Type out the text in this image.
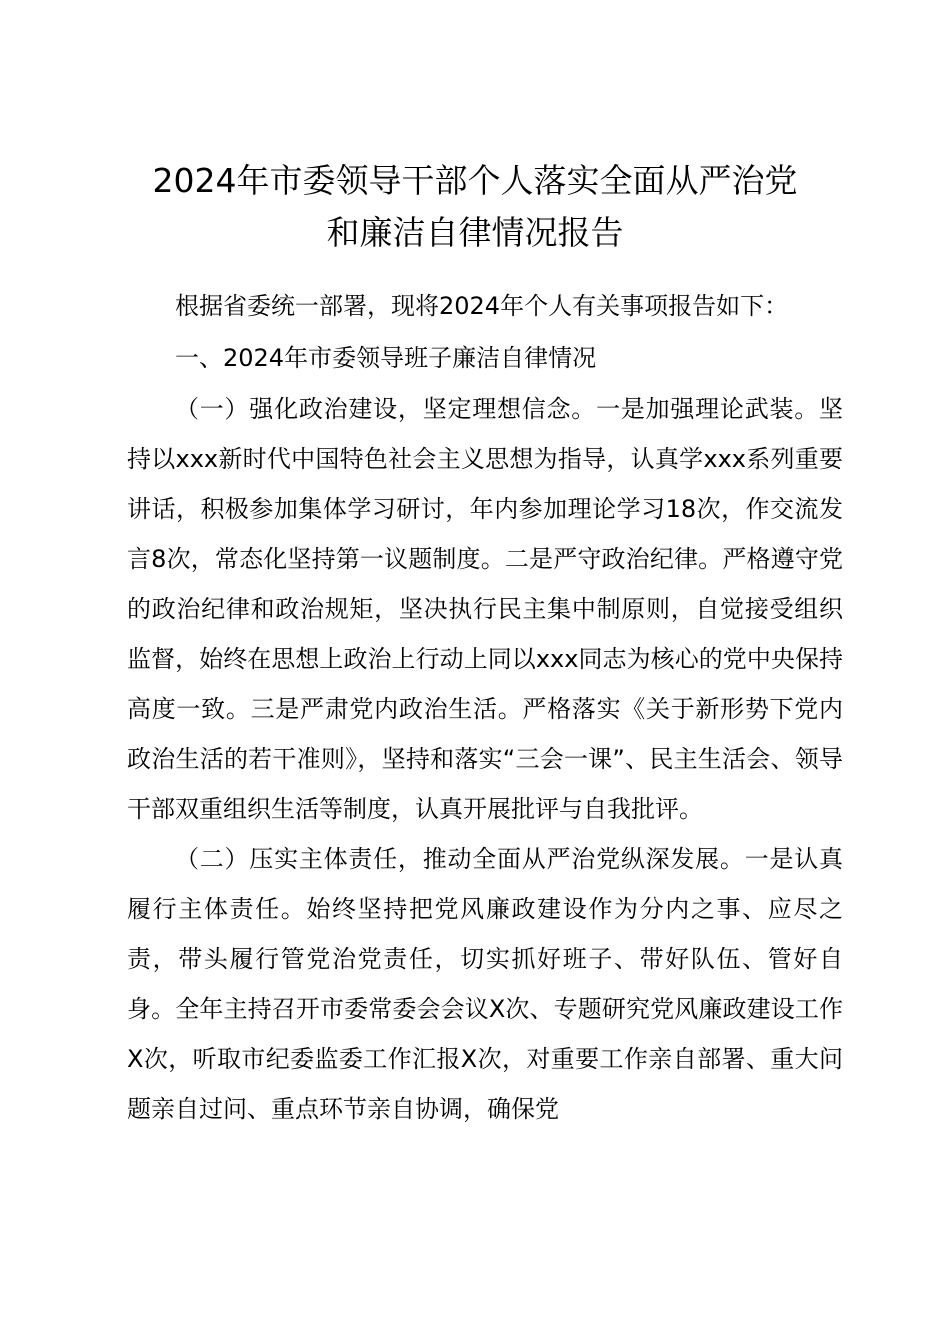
2024年市委领导干部个人落实全面从严治党
和廉洁自律情况报告

根据省委统一部署，现将2024年个人有关事项报告如下：

一、2024年市委领导班子廉洁自律情况

（一）强化政治建设，坚定理想信念。一是加强理论武装。坚持以xxx新时代中国特色社会主义思想为指导，认真学xxx系列重要讲话，积极参加集体学习研讨，年内参加理论学习18次，作交流发言8次，常态化坚持第一议题制度。二是严守政治纪律。严格遵守党的政治纪律和政治规矩，坚决执行民主集中制原则，自觉接受组织监督，始终在思想上政治上行动上同以xxx同志为核心的党中央保持高度一致。三是严肃党内政治生活。严格落实《关于新形势下党内政治生活的若干准则》，坚持和落实“三会一课”、民主生活会、领导干部双重组织生活等制度，认真开展批评与自我批评。

（二）压实主体责任，推动全面从严治党纵深发展。一是认真履行主体责任。始终坚持把党风廉政建设作为分内之事、应尽之责，带头履行管党治党责任，切实抓好班子、带好队伍、管好自身。全年主持召开市委常委会会议X次、专题研究党风廉政建设工作X次，听取市纪委监委工作汇报X次，对重要工作亲自部署、重大问题亲自过问、重点环节亲自协调，确保党
